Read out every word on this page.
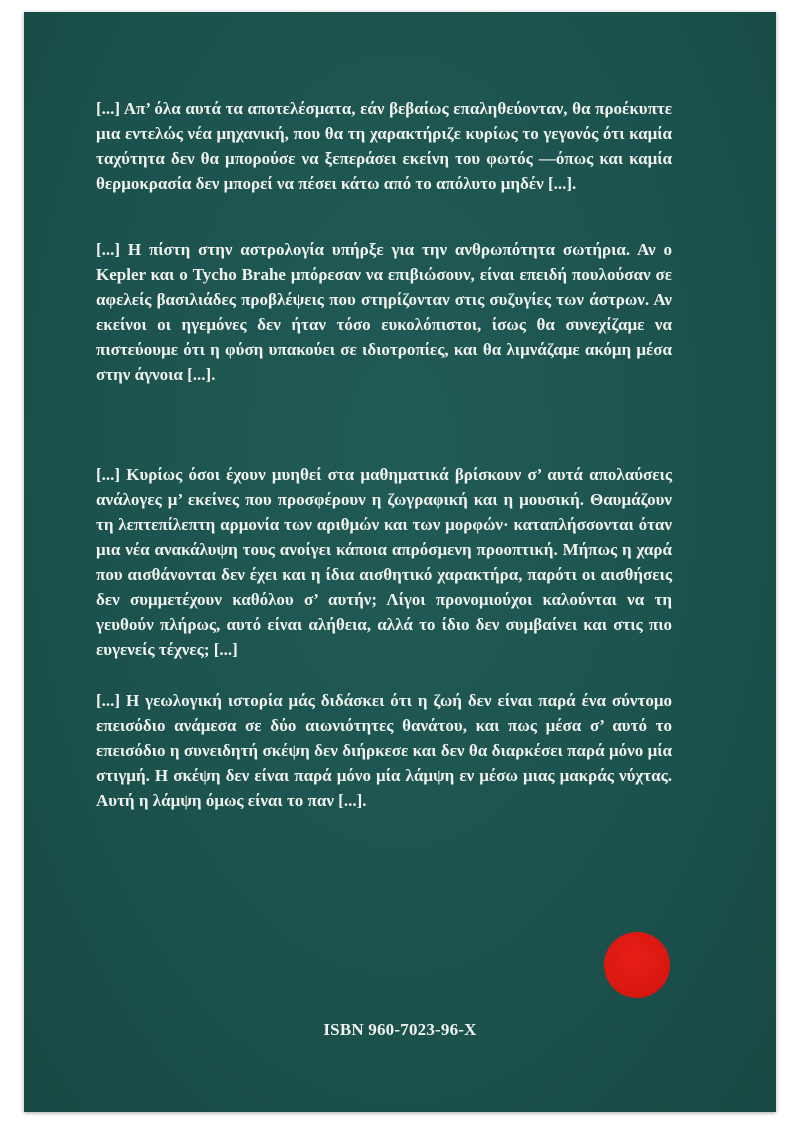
[...] Απ’ όλα αυτά τα αποτελέσματα, εάν βεβαίως επαληθεύονταν, θα προέκυπτε μια εντελώς νέα μηχανική, που θα τη χαρακτήριζε κυρίως το γεγονός ότι καμία ταχύτητα δεν θα μπορούσε να ξεπεράσει εκείνη του φωτός —όπως και καμία θερμοκρασία δεν μπορεί να πέσει κάτω από το απόλυτο μηδέν [...].

[...] Η πίστη στην αστρολογία υπήρξε για την ανθρωπότητα σωτήρια. Αν ο Kepler και ο Tycho Brahe μπόρεσαν να επιβιώσουν, είναι επειδή πουλούσαν σε αφελείς βασιλιάδες προβλέψεις που στηρίζονταν στις συζυγίες των άστρων. Αν εκείνοι οι ηγεμόνες δεν ήταν τόσο ευκολόπιστοι, ίσως θα συνεχίζαμε να πιστεύουμε ότι η φύση υπακούει σε ιδιοτροπίες, και θα λιμνάζαμε ακόμη μέσα στην άγνοια [...].

[...] Κυρίως όσοι έχουν μυηθεί στα μαθηματικά βρίσκουν σ’ αυτά απολαύσεις ανάλογες μ’ εκείνες που προσφέρουν η ζωγραφική και η μουσική. Θαυμάζουν τη λεπτεπίλεπτη αρμονία των αριθμών και των μορφών· καταπλήσσονται όταν μια νέα ανακάλυψη τους ανοίγει κάποια απρόσμενη προοπτική. Μήπως η χαρά που αισθάνονται δεν έχει και η ίδια αισθητικό χαρακτήρα, παρότι οι αισθήσεις δεν συμμετέχουν καθόλου σ’ αυτήν; Λίγοι προνομιούχοι καλούνται να τη γευθούν πλήρως, αυτό είναι αλήθεια, αλλά το ίδιο δεν συμβαίνει και στις πιο ευγενείς τέχνες; [...]

[...] Η γεωλογική ιστορία μάς διδάσκει ότι η ζωή δεν είναι παρά ένα σύντομο επεισόδιο ανάμεσα σε δύο αιωνιότητες θανάτου, και πως μέσα σ’ αυτό το επεισόδιο η συνειδητή σκέψη δεν διήρκεσε και δεν θα διαρκέσει παρά μόνο μία στιγμή. Η σκέψη δεν είναι παρά μόνο μία λάμψη εν μέσω μιας μακράς νύχτας. Αυτή η λάμψη όμως είναι το παν [...].

ISBN 960-7023-96-X
